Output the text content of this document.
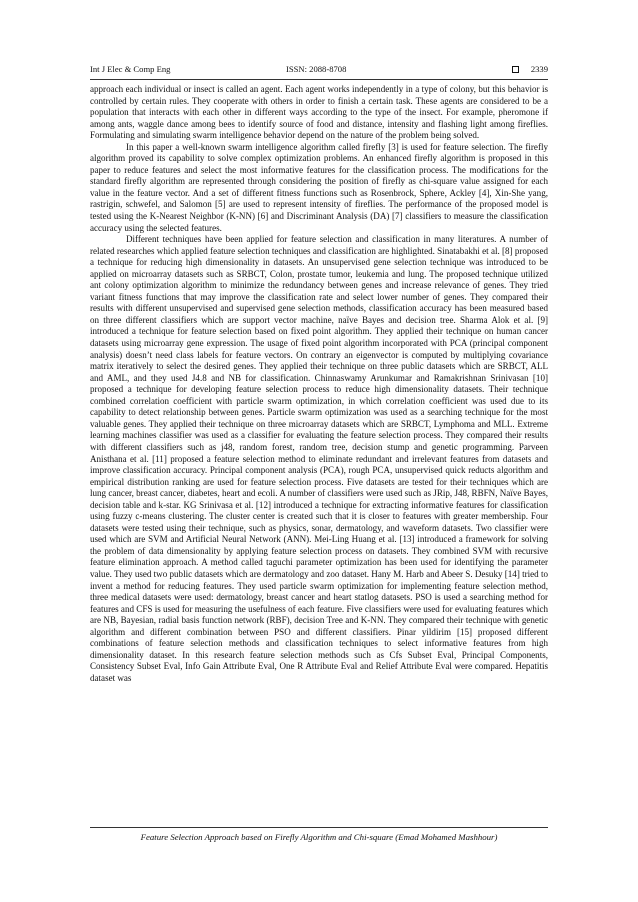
Int J Elec & Comp Eng	ISSN: 2088-8708	2339

approach each individual or insect is called an agent. Each agent works independently in a type of colony, but this behavior is controlled by certain rules. They cooperate with others in order to finish a certain task. These agents are considered to be a population that interacts with each other in different ways according to the type of the insect. For example, pheromone if among ants, waggle dance among bees to identify source of food and distance, intensity and flashing light among fireflies. Formulating and simulating swarm intelligence behavior depend on the nature of the problem being solved.

In this paper a well-known swarm intelligence algorithm called firefly [3] is used for feature selection. The firefly algorithm proved its capability to solve complex optimization problems. An enhanced firefly algorithm is proposed in this paper to reduce features and select the most informative features for the classification process. The modifications for the standard firefly algorithm are represented through considering the position of firefly as chi-square value assigned for each value in the feature vector. And a set of different fitness functions such as Rosenbrock, Sphere, Ackley [4], Xin-She yang, rastrigin, schwefel, and Salomon [5] are used to represent intensity of fireflies. The performance of the proposed model is tested using the K-Nearest Neighbor (K-NN) [6] and Discriminant Analysis (DA) [7] classifiers to measure the classification accuracy using the selected features.

Different techniques have been applied for feature selection and classification in many literatures. A number of related researches which applied feature selection techniques and classification are highlighted. Sinatabakhi et al. [8] proposed a technique for reducing high dimensionality in datasets. An unsupervised gene selection technique was introduced to be applied on microarray datasets such as SRBCT, Colon, prostate tumor, leukemia and lung. The proposed technique utilized ant colony optimization algorithm to minimize the redundancy between genes and increase relevance of genes. They tried variant fitness functions that may improve the classification rate and select lower number of genes. They compared their results with different unsupervised and supervised gene selection methods, classification accuracy has been measured based on three different classifiers which are support vector machine, naïve Bayes and decision tree. Sharma Alok et al. [9] introduced a technique for feature selection based on fixed point algorithm. They applied their technique on human cancer datasets using microarray gene expression. The usage of fixed point algorithm incorporated with PCA (principal component analysis) doesn’t need class labels for feature vectors. On contrary an eigenvector is computed by multiplying covariance matrix iteratively to select the desired genes. They applied their technique on three public datasets which are SRBCT, ALL and AML, and they used J4.8 and NB for classification. Chinnaswamy Arunkumar and Ramakrishnan Srinivasan [10] proposed a technique for developing feature selection process to reduce high dimensionality datasets. Their technique combined correlation coefficient with particle swarm optimization, in which correlation coefficient was used due to its capability to detect relationship between genes. Particle swarm optimization was used as a searching technique for the most valuable genes. They applied their technique on three microarray datasets which are SRBCT, Lymphoma and MLL. Extreme learning machines classifier was used as a classifier for evaluating the feature selection process. They compared their results with different classifiers such as j48, random forest, random tree, decision stump and genetic programming. Parveen Anisthana et al. [11] proposed a feature selection method to eliminate redundant and irrelevant features from datasets and improve classification accuracy. Principal component analysis (PCA), rough PCA, unsupervised quick reducts algorithm and empirical distribution ranking are used for feature selection process. Five datasets are tested for their techniques which are lung cancer, breast cancer, diabetes, heart and ecoli. A number of classifiers were used such as JRip, J48, RBFN, Naïve Bayes, decision table and k-star. KG Srinivasa et al. [12] introduced a technique for extracting informative features for classification using fuzzy c-means clustering. The cluster center is created such that it is closer to features with greater membership. Four datasets were tested using their technique, such as physics, sonar, dermatology, and waveform datasets. Two classifier were used which are SVM and Artificial Neural Network (ANN). Mei-Ling Huang et al. [13] introduced a framework for solving the problem of data dimensionality by applying feature selection process on datasets. They combined SVM with recursive feature elimination approach. A method called taguchi parameter optimization has been used for identifying the parameter value. They used two public datasets which are dermatology and zoo dataset. Hany M. Harb and Abeer S. Desuky [14] tried to invent a method for reducing features. They used particle swarm optimization for implementing feature selection method, three medical datasets were used: dermatology, breast cancer and heart statlog datasets. PSO is used a searching method for features and CFS is used for measuring the usefulness of each feature. Five classifiers were used for evaluating features which are NB, Bayesian, radial basis function network (RBF), decision Tree and K-NN. They compared their technique with genetic algorithm and different combination between PSO and different classifiers. Pinar yildirim [15] proposed different combinations of feature selection methods and classification techniques to select informative features from high dimensionality dataset. In this research feature selection methods such as Cfs Subset Eval, Principal Components, Consistency Subset Eval, Info Gain Attribute Eval, One R Attribute Eval and Relief Attribute Eval were compared. Hepatitis dataset was

Feature Selection Approach based on Firefly Algorithm and Chi-square (Emad Mohamed Mashhour)
